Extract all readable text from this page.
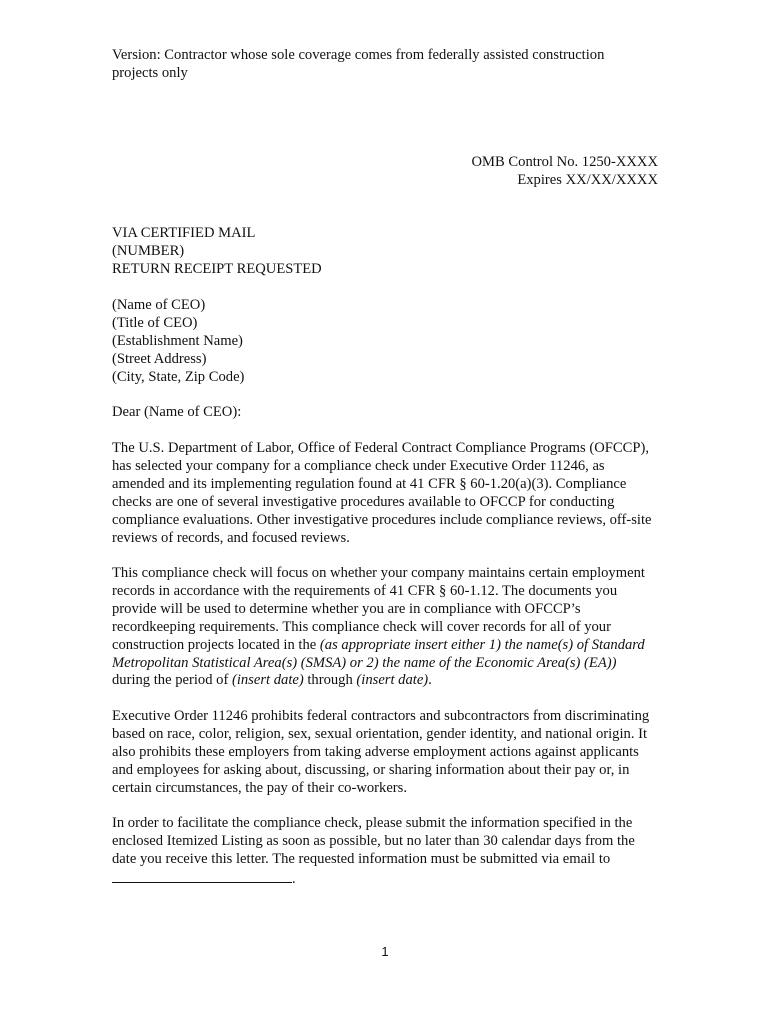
Version: Contractor whose sole coverage comes from federally assisted construction projects only

OMB Control No. 1250-XXXX
Expires XX/XX/XXXX
VIA CERTIFIED MAIL
(NUMBER)
RETURN RECEIPT REQUESTED
(Name of CEO)
(Title of CEO)
(Establishment Name)
(Street Address)
(City, State, Zip Code)

Dear (Name of CEO):

The U.S. Department of Labor, Office of Federal Contract Compliance Programs (OFCCP), has selected your company for a compliance check under Executive Order 11246, as amended and its implementing regulation found at 41 CFR § 60-1.20(a)(3). Compliance checks are one of several investigative procedures available to OFCCP for conducting compliance evaluations. Other investigative procedures include compliance reviews, off-site reviews of records, and focused reviews.

This compliance check will focus on whether your company maintains certain employment records in accordance with the requirements of 41 CFR § 60-1.12. The documents you provide will be used to determine whether you are in compliance with OFCCP’s recordkeeping requirements. This compliance check will cover records for all of your construction projects located in the (as appropriate insert either 1) the name(s) of Standard Metropolitan Statistical Area(s) (SMSA) or 2) the name of the Economic Area(s) (EA)) during the period of (insert date) through (insert date).

Executive Order 11246 prohibits federal contractors and subcontractors from discriminating based on race, color, religion, sex, sexual orientation, gender identity, and national origin. It also prohibits these employers from taking adverse employment actions against applicants and employees for asking about, discussing, or sharing information about their pay or, in certain circumstances, the pay of their co-workers.

In order to facilitate the compliance check, please submit the information specified in the enclosed Itemized Listing as soon as possible, but no later than 30 calendar days from the date you receive this letter. The requested information must be submitted via email to.

1
